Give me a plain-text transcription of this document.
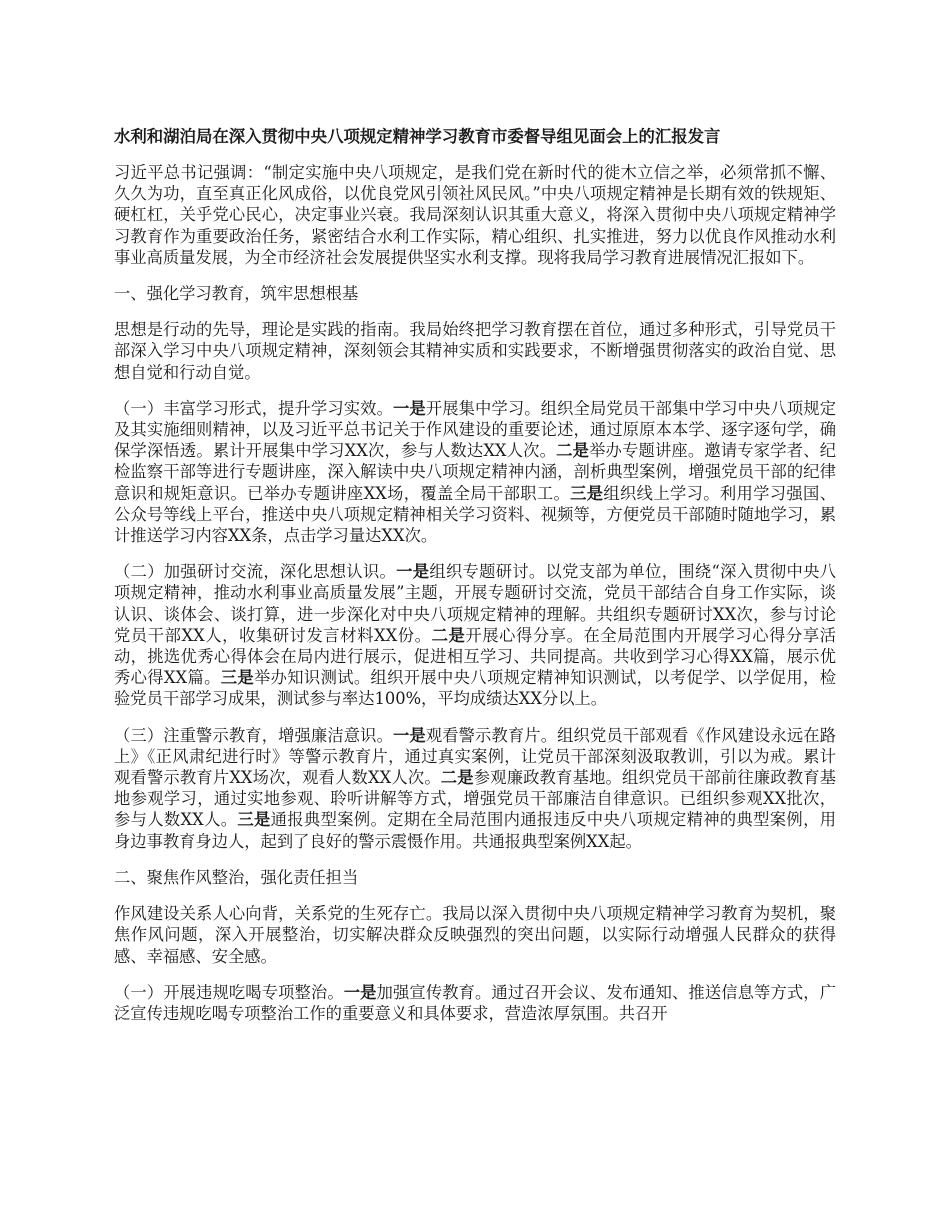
水利和湖泊局在深入贯彻中央八项规定精神学习教育市委督导组见面会上的汇报发言

习近平总书记强调：“制定实施中央八项规定，是我们党在新时代的徙木立信之举，必须常抓不懈、久久为功，直至真正化风成俗，以优良党风引领社风民风。”中央八项规定精神是长期有效的铁规矩、硬杠杠，关乎党心民心，决定事业兴衰。我局深刻认识其重大意义，将深入贯彻中央八项规定精神学习教育作为重要政治任务，紧密结合水利工作实际，精心组织、扎实推进，努力以优良作风推动水利事业高质量发展，为全市经济社会发展提供坚实水利支撑。现将我局学习教育进展情况汇报如下。

一、强化学习教育，筑牢思想根基

思想是行动的先导，理论是实践的指南。我局始终把学习教育摆在首位，通过多种形式，引导党员干部深入学习中央八项规定精神，深刻领会其精神实质和实践要求，不断增强贯彻落实的政治自觉、思想自觉和行动自觉。

（一）丰富学习形式，提升学习实效。一是开展集中学习。组织全局党员干部集中学习中央八项规定及其实施细则精神，以及习近平总书记关于作风建设的重要论述，通过原原本本学、逐字逐句学，确保学深悟透。累计开展集中学习XX次，参与人数达XX人次。二是举办专题讲座。邀请专家学者、纪检监察干部等进行专题讲座，深入解读中央八项规定精神内涵，剖析典型案例，增强党员干部的纪律意识和规矩意识。已举办专题讲座XX场，覆盖全局干部职工。三是组织线上学习。利用学习强国、公众号等线上平台，推送中央八项规定精神相关学习资料、视频等，方便党员干部随时随地学习，累计推送学习内容XX条，点击学习量达XX次。

（二）加强研讨交流，深化思想认识。一是组织专题研讨。以党支部为单位，围绕“深入贯彻中央八项规定精神，推动水利事业高质量发展”主题，开展专题研讨交流，党员干部结合自身工作实际，谈认识、谈体会、谈打算，进一步深化对中央八项规定精神的理解。共组织专题研讨XX次，参与讨论党员干部XX人，收集研讨发言材料XX份。二是开展心得分享。在全局范围内开展学习心得分享活动，挑选优秀心得体会在局内进行展示，促进相互学习、共同提高。共收到学习心得XX篇，展示优秀心得XX篇。三是举办知识测试。组织开展中央八项规定精神知识测试，以考促学、以学促用，检验党员干部学习成果，测试参与率达100%，平均成绩达XX分以上。

（三）注重警示教育，增强廉洁意识。一是观看警示教育片。组织党员干部观看《作风建设永远在路上》《正风肃纪进行时》等警示教育片，通过真实案例，让党员干部深刻汲取教训，引以为戒。累计观看警示教育片XX场次，观看人数XX人次。二是参观廉政教育基地。组织党员干部前往廉政教育基地参观学习，通过实地参观、聆听讲解等方式，增强党员干部廉洁自律意识。已组织参观XX批次，参与人数XX人。三是通报典型案例。定期在全局范围内通报违反中央八项规定精神的典型案例，用身边事教育身边人，起到了良好的警示震慑作用。共通报典型案例XX起。

二、聚焦作风整治，强化责任担当

作风建设关系人心向背，关系党的生死存亡。我局以深入贯彻中央八项规定精神学习教育为契机，聚焦作风问题，深入开展整治，切实解决群众反映强烈的突出问题，以实际行动增强人民群众的获得感、幸福感、安全感。

（一）开展违规吃喝专项整治。一是加强宣传教育。通过召开会议、发布通知、推送信息等方式，广泛宣传违规吃喝专项整治工作的重要意义和具体要求，营造浓厚氛围。共召开
